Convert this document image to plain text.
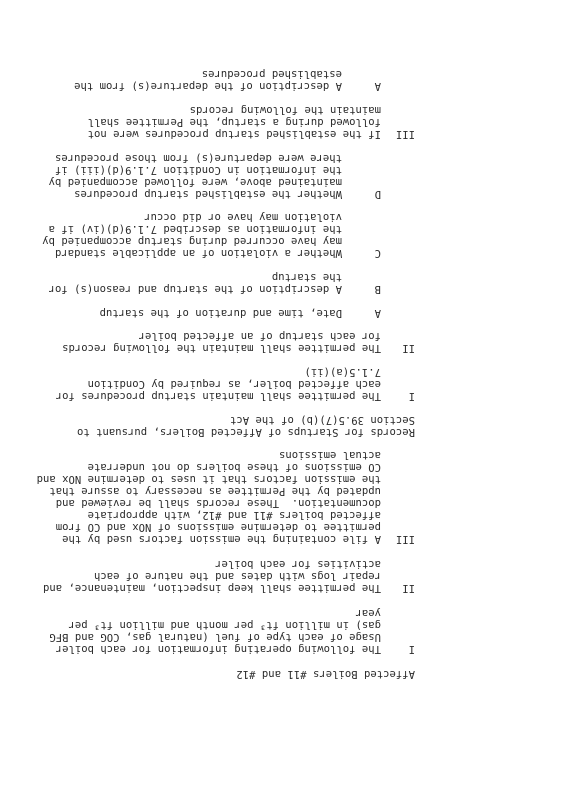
Affected Boilers #11 and #12
I
The following operating information for each boiler
Usage of each type of fuel (natural gas, COG and BFG
gas) in million ft³ per month and million ft³ per
year
II
The permittee shall keep inspection, maintenance, and
repair logs with dates and the nature of each
activities for each boiler
III
A file containing the emission factors used by the
permittee to determine emissions of NOx and CO from
affected boilers #11 and #12, with appropriate
documentation.  These records shall be reviewed and
updated by the Permittee as necessary to assure that
the emission factors that it uses to determine NOx and
CO emissions of these boilers do not underrate
actual emissions
Records for Startups of Affected Boilers, pursuant to
Section 39.5(7)(b) of the Act
I
The permittee shall maintain startup procedures for
each affected boiler, as required by Condition
7.1.5(a)(ii)
II
The permittee shall maintain the following records
for each startup of an affected boiler
A
Date, time and duration of the startup
B
A description of the startup and reason(s) for
the startup
C
Whether a violation of an applicable standard
may have occurred during startup accompanied by
the information as described 7.1.9(d)(iv) if a
violation may have or did occur
D
Whether the established startup procedures
maintained above, were followed accompanied by
the information in Condition 7.1.9(d)(iii) if
there were departure(s) from those procedures
III
If the established startup procedures were not
followed during a startup, the Permittee shall
maintain the following records
A
A description of the departure(s) from the
established procedures
